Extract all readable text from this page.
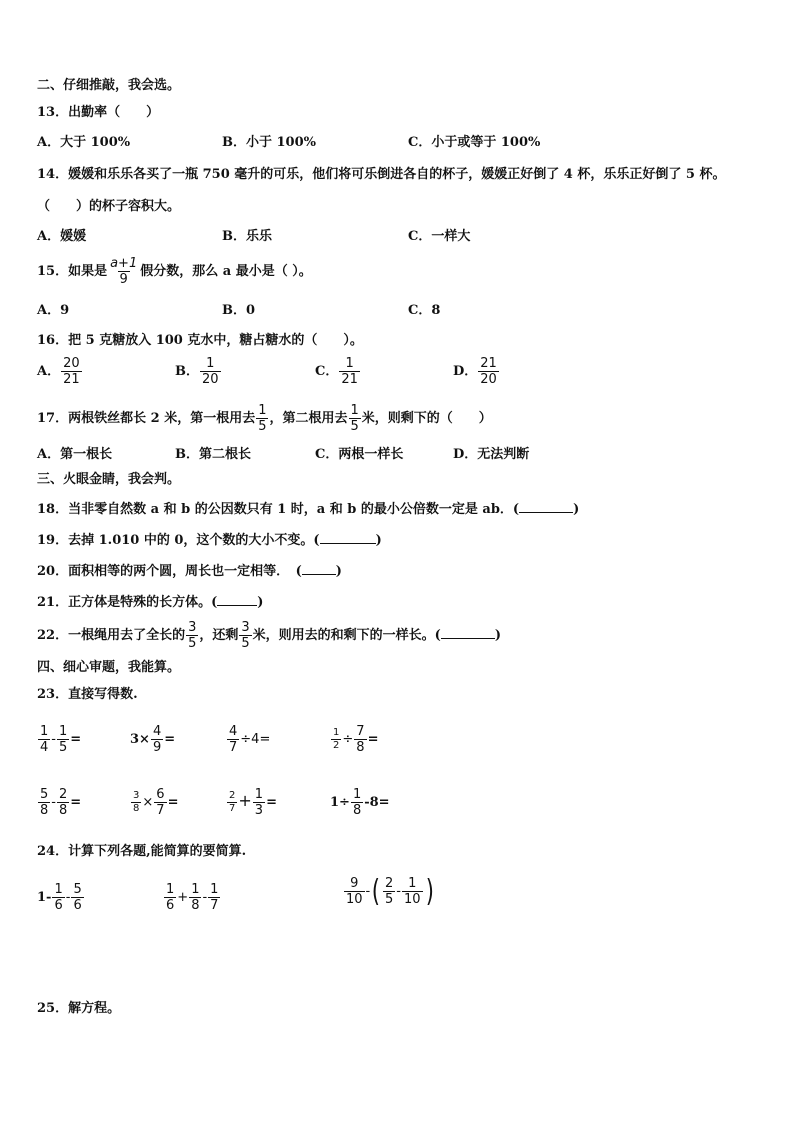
二、仔细推敲，我会选。
13．出勤率（　　）
A．大于 100%	B．小于 100%	C．小于或等于 100%
14．媛媛和乐乐各买了一瓶 750 毫升的可乐，他们将可乐倒进各自的杯子，媛媛正好倒了 4 杯，乐乐正好倒了 5 杯。
（　　）的杯子容积大。
A．媛媛	B．乐乐	C．一样大
15．如果是 $\frac{a+1}{9}$ 假分数，那么 a 最小是（ ）。
A．9	B．0	C．8
16．把 5 克糖放入 100 克水中，糖占糖水的（　　）。
A． $\frac{20}{21}$	B． $\frac{1}{20}$	C． $\frac{1}{21}$	D． $\frac{21}{20}$
17．两根铁丝都长 2 米，第一根用去 $\frac{1}{5}$ ，第二根用去 $\frac{1}{5}$ 米，则剩下的（　　）
A．第一根长	B．第二根长	C．两根一样长	D．无法判断
三、火眼金睛，我会判。
18．当非零自然数 a 和 b 的公因数只有 1 时，a 和 b 的最小公倍数一定是 ab．(	)
19．去掉 1.010 中的 0，这个数的大小不变。(	)
20．面积相等的两个圆，周长也一定相等．　(	)
21．正方体是特殊的长方体。(	)
22．一根绳用去了全长的 $\frac{3}{5}$ ，还剩 $\frac{3}{5}$ 米，则用去的和剩下的一样长。(	)
四、细心审题，我能算。
23．直接写得数.
$\frac{1}{4} - \frac{1}{5}$ =	$3\times \frac{4}{9}$ =	$\frac{4}{7} \div 4=$	$\frac{1}{2} \div \frac{7}{8}$ =
$\frac{5}{8} - \frac{2}{8}$ =	$\frac{3}{8} \times \frac{6}{7}$ =	$\frac{2}{7} + \frac{1}{3}$ =	$1\div \frac{1}{8} -8=$
24．计算下列各题,能简算的要简算.
$1- \frac{1}{6} - \frac{5}{6}$	$\frac{1}{6} + \frac{1}{8} - \frac{1}{7}$	$\frac{9}{10}$ -( $\frac{2}{5} - \frac{1}{10}$ )
25．解方程。
